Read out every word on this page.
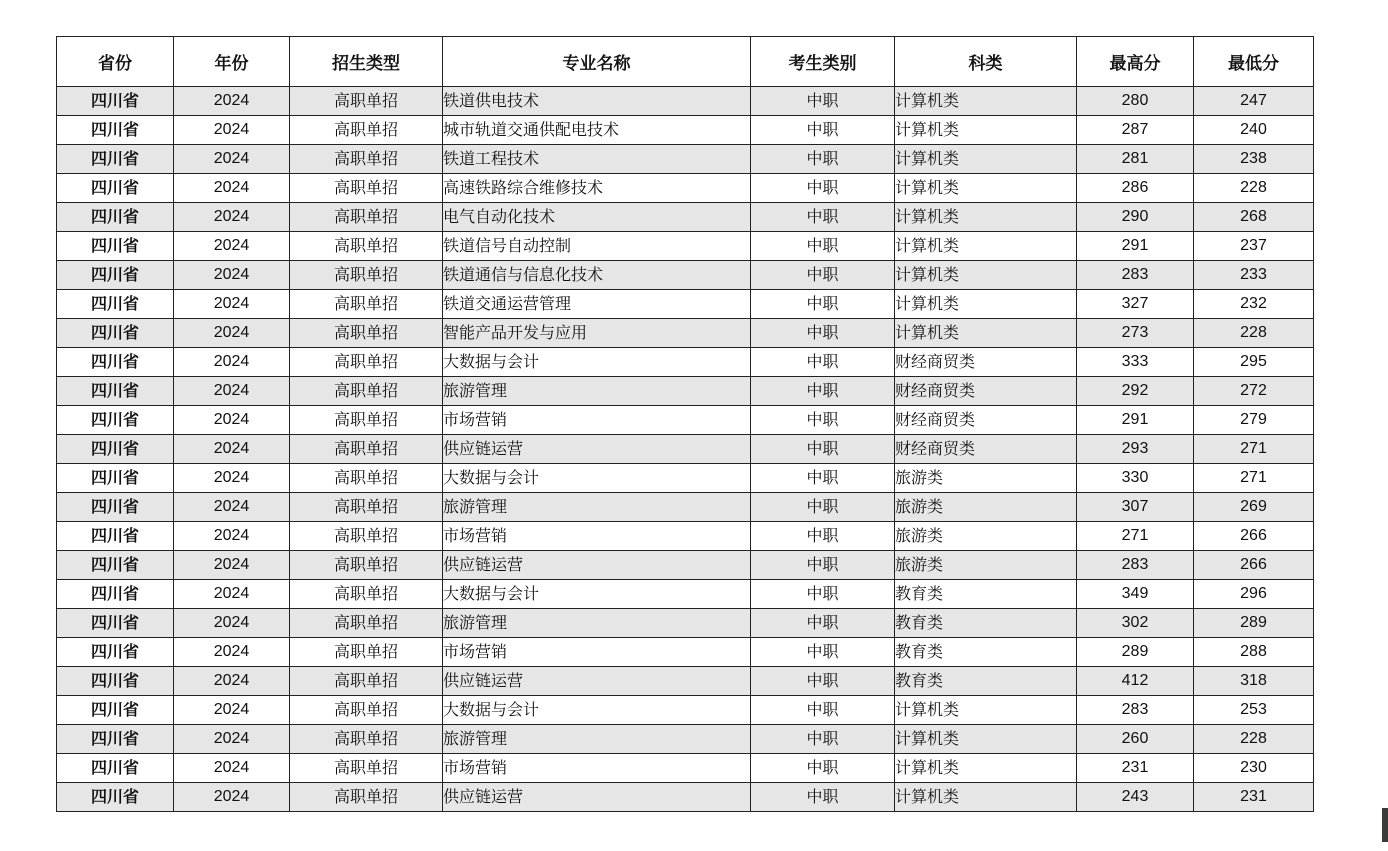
省份	年份	招生类型	专业名称	考生类别	科类	最高分	最低分
四川省	2024	高职单招	铁道供电技术	中职	计算机类	280	247
四川省	2024	高职单招	城市轨道交通供配电技术	中职	计算机类	287	240
四川省	2024	高职单招	铁道工程技术	中职	计算机类	281	238
四川省	2024	高职单招	高速铁路综合维修技术	中职	计算机类	286	228
四川省	2024	高职单招	电气自动化技术	中职	计算机类	290	268
四川省	2024	高职单招	铁道信号自动控制	中职	计算机类	291	237
四川省	2024	高职单招	铁道通信与信息化技术	中职	计算机类	283	233
四川省	2024	高职单招	铁道交通运营管理	中职	计算机类	327	232
四川省	2024	高职单招	智能产品开发与应用	中职	计算机类	273	228
四川省	2024	高职单招	大数据与会计	中职	财经商贸类	333	295
四川省	2024	高职单招	旅游管理	中职	财经商贸类	292	272
四川省	2024	高职单招	市场营销	中职	财经商贸类	291	279
四川省	2024	高职单招	供应链运营	中职	财经商贸类	293	271
四川省	2024	高职单招	大数据与会计	中职	旅游类	330	271
四川省	2024	高职单招	旅游管理	中职	旅游类	307	269
四川省	2024	高职单招	市场营销	中职	旅游类	271	266
四川省	2024	高职单招	供应链运营	中职	旅游类	283	266
四川省	2024	高职单招	大数据与会计	中职	教育类	349	296
四川省	2024	高职单招	旅游管理	中职	教育类	302	289
四川省	2024	高职单招	市场营销	中职	教育类	289	288
四川省	2024	高职单招	供应链运营	中职	教育类	412	318
四川省	2024	高职单招	大数据与会计	中职	计算机类	283	253
四川省	2024	高职单招	旅游管理	中职	计算机类	260	228
四川省	2024	高职单招	市场营销	中职	计算机类	231	230
四川省	2024	高职单招	供应链运营	中职	计算机类	243	231
